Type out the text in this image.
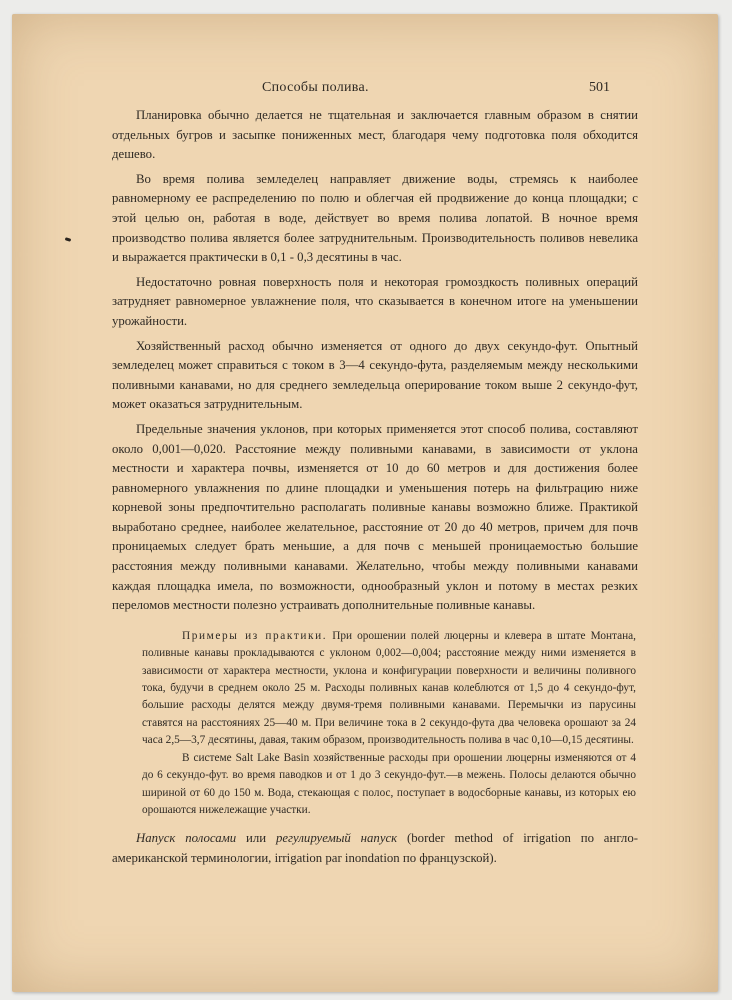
Способы полива.	501

Планировка обычно делается не тщательная и заключается главным образом в снятии отдельных бугров и засыпке пониженных мест, благодаря чему подготовка поля обходится дешево.

Во время полива земледелец направляет движение воды, стремясь к наиболее равномерному ее распределению по полю и облегчая ей продвижение до конца площадки; с этой целью он, работая в воде, действует во время полива лопатой. В ночное время производство полива является более затруднительным. Производительность поливов невелика и выражается практически в 0,1 - 0,3 десятины в час.

Недостаточно ровная поверхность поля и некоторая громоздкость поливных операций затрудняет равномерное увлажнение поля, что сказывается в конечном итоге на уменьшении урожайности.

Хозяйственный расход обычно изменяется от одного до двух секундо-фут. Опытный земледелец может справиться с током в 3—4 секундо-фута, разделяемым между несколькими поливными канавами, но для среднего земледельца оперирование током выше 2 секундо-фут, может оказаться затруднительным.

Предельные значения уклонов, при которых применяется этот способ полива, составляют около 0,001—0,020. Расстояние между поливными канавами, в зависимости от уклона местности и характера почвы, изменяется от 10 до 60 метров и для достижения более равномерного увлажнения по длине площадки и уменьшения потерь на фильтрацию ниже корневой зоны предпочтительно располагать поливные канавы возможно ближе. Практикой выработано среднее, наиболее желательное, расстояние от 20 до 40 метров, причем для почв проницаемых следует брать меньшие, а для почв с меньшей проницаемостью большие расстояния между поливными канавами. Желательно, чтобы между поливными канавами каждая площадка имела, по возможности, однообразный уклон и потому в местах резких переломов местности полезно устраивать дополнительные поливные канавы.

Примеры из практики. При орошении полей люцерны и клевера в штате Монтана, поливные канавы прокладываются с уклоном 0,002—0,004; расстояние между ними изменяется в зависимости от характера местности, уклона и конфигурации поверхности и величины поливного тока, будучи в среднем около 25 м. Расходы поливных канав колеблются от 1,5 до 4 секундо-фут, большие расходы делятся между двумя-тремя поливными канавами. Перемычки из парусины ставятся на расстояниях 25—40 м. При величине тока в 2 секундо-фута два человека орошают за 24 часа 2,5—3,7 десятины, давая, таким образом, производительность полива в час 0,10—0,15 десятины.

В системе Salt Lake Basin хозяйственные расходы при орошении люцерны изменяются от 4 до 6 секундо-фут. во время паводков и от 1 до 3 секундо-фут.—в межень. Полосы делаются обычно шириной от 60 до 150 м. Вода, стекающая с полос, поступает в водосборные канавы, из которых ею орошаются нижележащие участки.

Напуск полосами или регулируемый напуск (border method of irrigation по англо-американской терминологии, irrigation par inondation по французской).
